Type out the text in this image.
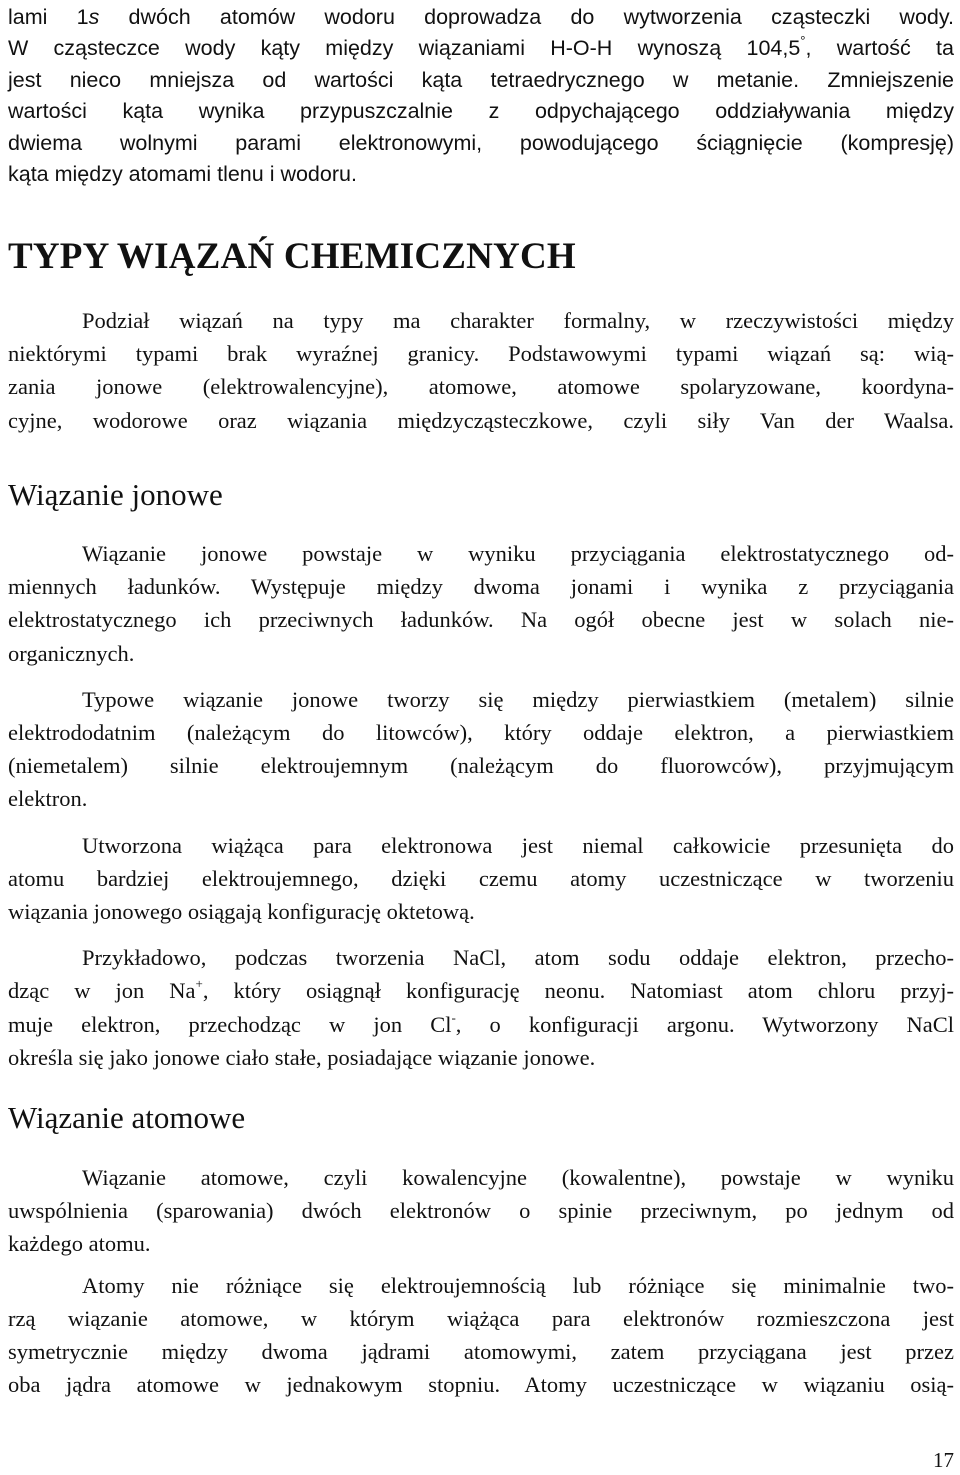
lami 1s dwóch atomów wodoru doprowadza do wytworzenia cząsteczki wody.
W cząsteczce wody kąty między wiązaniami H-O-H wynoszą 104,5°, wartość ta
jest nieco mniejsza od wartości kąta tetraedrycznego w metanie. Zmniejszenie
wartości kąta wynika przypuszczalnie z odpychającego oddziaływania między
dwiema wolnymi parami elektronowymi, powodującego ściągnięcie (kompresję)
kąta między atomami tlenu i wodoru.
TYPY WIĄZAŃ CHEMICZNYCH
Podział wiązań na typy ma charakter formalny, w rzeczywistości między
niektórymi typami brak wyraźnej granicy. Podstawowymi typami wiązań są: wią-
zania jonowe (elektrowalencyjne), atomowe, atomowe spolaryzowane, koordyna-
cyjne, wodorowe oraz wiązania międzycząsteczkowe, czyli siły Van der Waalsa.
Wiązanie jonowe
Wiązanie jonowe powstaje w wyniku przyciągania elektrostatycznego od-
miennych ładunków. Występuje między dwoma jonami i wynika z przyciągania
elektrostatycznego ich przeciwnych ładunków. Na ogół obecne jest w solach nie-
organicznych.
Typowe wiązanie jonowe tworzy się między pierwiastkiem (metalem) silnie
elektrododatnim (należącym do litowców), który oddaje elektron, a pierwiastkiem
(niemetalem) silnie elektroujemnym (należącym do fluorowców), przyjmującym
elektron.
Utworzona wiążąca para elektronowa jest niemal całkowicie przesunięta do
atomu bardziej elektroujemnego, dzięki czemu atomy uczestniczące w tworzeniu
wiązania jonowego osiągają konfigurację oktetową.
Przykładowo, podczas tworzenia NaCl, atom sodu oddaje elektron, przecho-
dząc w jon Na+, który osiągnął konfigurację neonu. Natomiast atom chloru przyj-
muje elektron, przechodząc w jon Cl-, o konfiguracji argonu. Wytworzony NaCl
określa się jako jonowe ciało stałe, posiadające wiązanie jonowe.
Wiązanie atomowe
Wiązanie atomowe, czyli kowalencyjne (kowalentne), powstaje w wyniku
uwspólnienia (sparowania) dwóch elektronów o spinie przeciwnym, po jednym od
każdego atomu.
Atomy nie różniące się elektroujemnością lub różniące się minimalnie two-
rzą wiązanie atomowe, w którym wiążąca para elektronów rozmieszczona jest
symetrycznie między dwoma jądrami atomowymi, zatem przyciągana jest przez
oba jądra atomowe w jednakowym stopniu. Atomy uczestniczące w wiązaniu osią-
17
